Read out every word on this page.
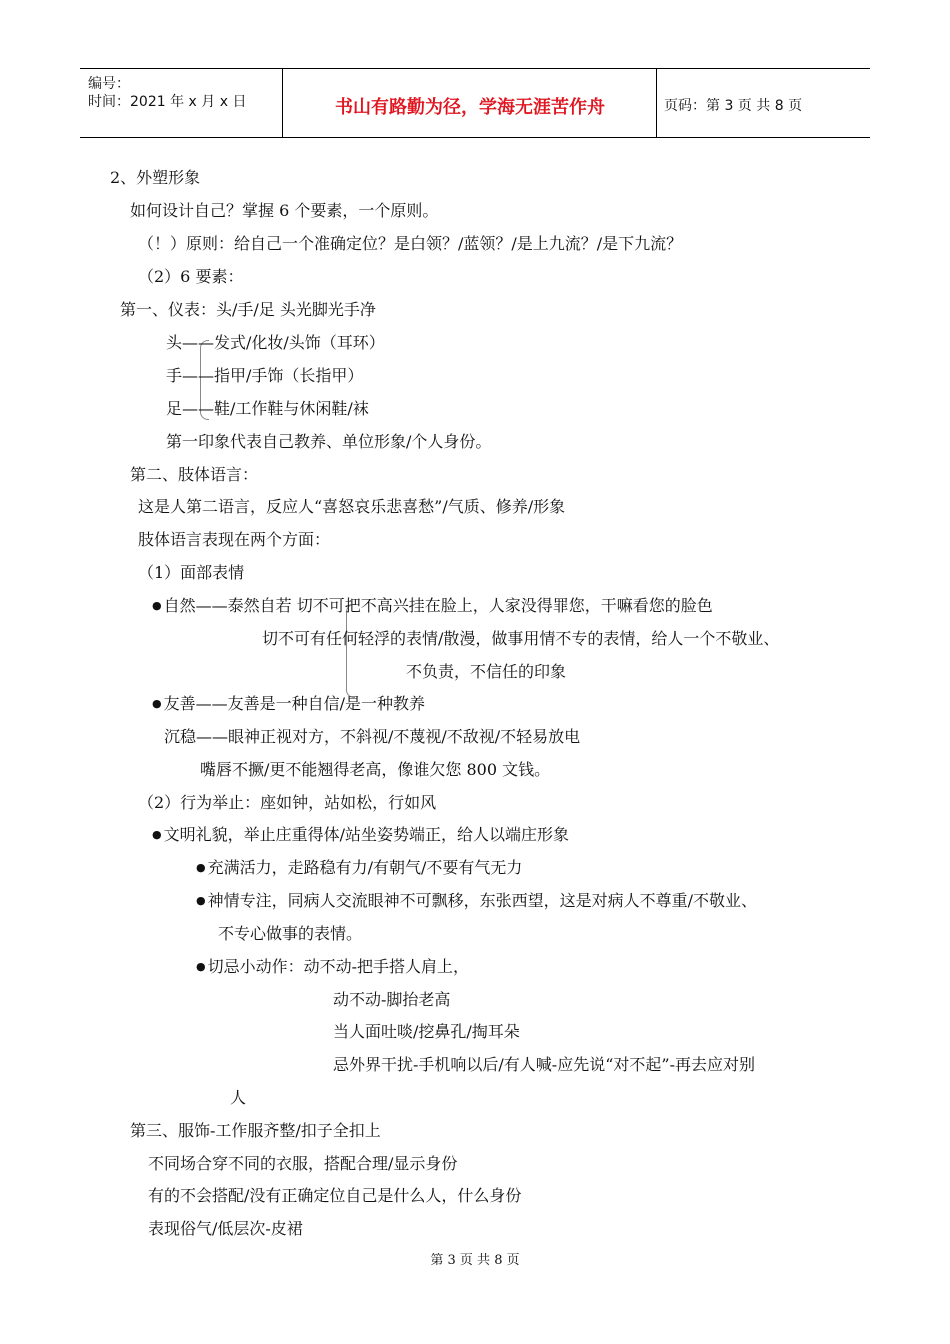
编号：
时间：2021 年 x 月 x 日	书山有路勤为径，学海无涯苦作舟	页码：第 3 页 共 8 页
2、外塑形象
如何设计自己？掌握 6 个要素，一个原则。
（！）原则：给自己一个准确定位？是白领？/蓝领？/是上九流？/是下九流？
（2）6 要素：
第一、仪表：头/手/足 头光脚光手净
头——发式/化妆/头饰（耳环）
手——指甲/手饰（长指甲）
足——鞋/工作鞋与休闲鞋/袜
第一印象代表自己教养、单位形象/个人身份。
第二、肢体语言：
这是人第二语言，反应人“喜怒哀乐悲喜愁”/气质、修养/形象
肢体语言表现在两个方面：
（1）面部表情
● 自然——泰然自若 切不可把不高兴挂在脸上，人家没得罪您，干嘛看您的脸色
切不可有任何轻浮的表情/散漫，做事用情不专的表情，给人一个不敬业、
不负责，不信任的印象
● 友善——友善是一种自信/是一种教养
沉稳——眼神正视对方，不斜视/不蔑视/不敌视/不轻易放电
嘴唇不撅/更不能翘得老高，像谁欠您 800 文钱。
（2）行为举止：座如钟，站如松，行如风
● 文明礼貌，举止庄重得体/站坐姿势端正，给人以端庄形象
● 充满活力，走路稳有力/有朝气/不要有气无力
● 神情专注，同病人交流眼神不可飘移，东张西望，这是对病人不尊重/不敬业、
不专心做事的表情。
● 切忌小动作：动不动-把手搭人肩上，
动不动-脚抬老高
当人面吐啖/挖鼻孔/掏耳朵
忌外界干扰-手机响以后/有人喊-应先说“对不起”-再去应对别
人
第三、服饰-工作服齐整/扣子全扣上
不同场合穿不同的衣服，搭配合理/显示身份
有的不会搭配/没有正确定位自己是什么人，什么身份
表现俗气/低层次-皮裙
第 3 页 共 8 页
